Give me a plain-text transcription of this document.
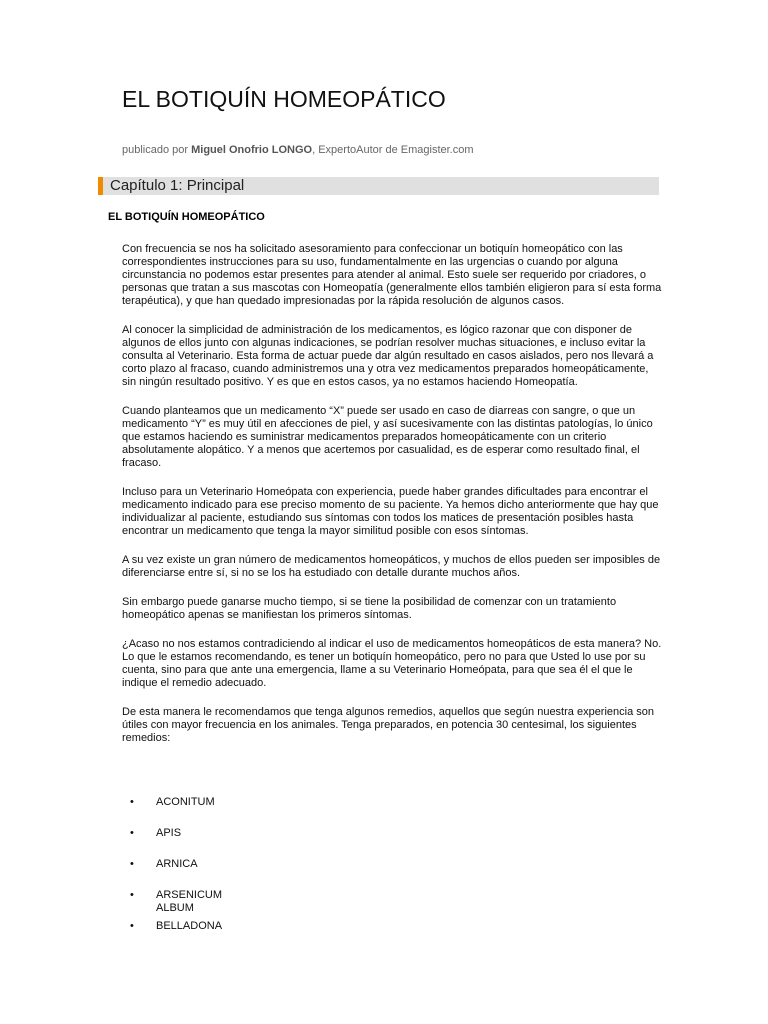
EL BOTIQUÍN HOMEOPÁTICO
publicado por Miguel Onofrio LONGO, ExpertoAutor de Emagister.com
Capítulo 1: Principal
EL BOTIQUÍN HOMEOPÁTICO

Con frecuencia se nos ha solicitado asesoramiento para confeccionar un botiquín homeopático con las correspondientes instrucciones para su uso, fundamentalmente en las urgencias o cuando por alguna circunstancia no podemos estar presentes para atender al animal. Esto suele ser requerido por criadores, o personas que tratan a sus mascotas con Homeopatía (generalmente ellos también eligieron para sí esta forma terapéutica), y que han quedado impresionadas por la rápida resolución de algunos casos.

Al conocer la simplicidad de administración de los medicamentos, es lógico razonar que con disponer de algunos de ellos junto con algunas indicaciones, se podrían resolver muchas situaciones, e incluso evitar la consulta al Veterinario. Esta forma de actuar puede dar algún resultado en casos aislados, pero nos llevará a corto plazo al fracaso, cuando administremos una y otra vez medicamentos preparados homeopáticamente, sin ningún resultado positivo. Y es que en estos casos, ya no estamos haciendo Homeopatía.

Cuando planteamos que un medicamento “X” puede ser usado en caso de diarreas con sangre, o que un medicamento “Y” es muy útil en afecciones de piel, y así sucesivamente con las distintas patologías, lo único que estamos haciendo es suministrar medicamentos preparados homeopáticamente con un criterio absolutamente alopático. Y a menos que acertemos por casualidad, es de esperar como resultado final, el fracaso.

Incluso para un Veterinario Homeópata con experiencia, puede haber grandes dificultades para encontrar el medicamento indicado para ese preciso momento de su paciente. Ya hemos dicho anteriormente que hay que individualizar al paciente, estudiando sus síntomas con todos los matices de presentación posibles hasta encontrar un medicamento que tenga la mayor similitud posible con esos síntomas.

A su vez existe un gran número de medicamentos homeopáticos, y muchos de ellos pueden ser imposibles de diferenciarse entre sí, si no se los ha estudiado con detalle durante muchos años.

Sin embargo puede ganarse mucho tiempo, si se tiene la posibilidad de comenzar con un tratamiento homeopático apenas se manifiestan los primeros síntomas.

¿Acaso no nos estamos contradiciendo al indicar el uso de medicamentos homeopáticos de esta manera? No. Lo que le estamos recomendando, es tener un botiquín homeopático, pero no para que Usted lo use por su cuenta, sino para que ante una emergencia, llame a su Veterinario Homeópata, para que sea él el que le indique el remedio adecuado.

De esta manera le recomendamos que tenga algunos remedios, aquellos que según nuestra experiencia son útiles con mayor frecuencia en los animales. Tenga preparados, en potencia 30 centesimal, los siguientes remedios:

• ACONITUM
• APIS
• ARNICA
• ARSENICUM ALBUM
• BELLADONA
